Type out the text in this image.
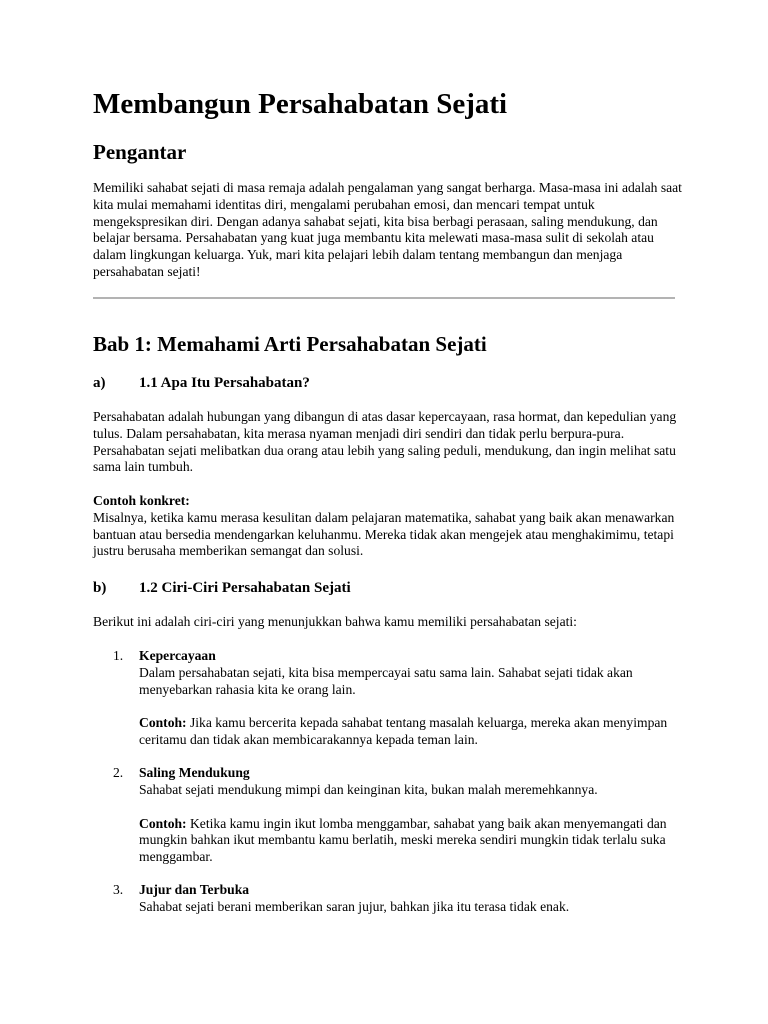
Membangun Persahabatan Sejati
Pengantar

Memiliki sahabat sejati di masa remaja adalah pengalaman yang sangat berharga. Masa-masa ini adalah saat kita mulai memahami identitas diri, mengalami perubahan emosi, dan mencari tempat untuk mengekspresikan diri. Dengan adanya sahabat sejati, kita bisa berbagi perasaan, saling mendukung, dan belajar bersama. Persahabatan yang kuat juga membantu kita melewati masa-masa sulit di sekolah atau dalam lingkungan keluarga. Yuk, mari kita pelajari lebih dalam tentang membangun dan menjaga persahabatan sejati!

Bab 1: Memahami Arti Persahabatan Sejati
a) 1.1 Apa Itu Persahabatan?

Persahabatan adalah hubungan yang dibangun di atas dasar kepercayaan, rasa hormat, dan kepedulian yang tulus. Dalam persahabatan, kita merasa nyaman menjadi diri sendiri dan tidak perlu berpura-pura. Persahabatan sejati melibatkan dua orang atau lebih yang saling peduli, mendukung, dan ingin melihat satu sama lain tumbuh.

Contoh konkret:
Misalnya, ketika kamu merasa kesulitan dalam pelajaran matematika, sahabat yang baik akan menawarkan bantuan atau bersedia mendengarkan keluhanmu. Mereka tidak akan mengejek atau menghakimimu, tetapi justru berusaha memberikan semangat dan solusi.
b) 1.2 Ciri-Ciri Persahabatan Sejati

Berikut ini adalah ciri-ciri yang menunjukkan bahwa kamu memiliki persahabatan sejati:

1. Kepercayaan
Dalam persahabatan sejati, kita bisa mempercayai satu sama lain. Sahabat sejati tidak akan menyebarkan rahasia kita ke orang lain.
Contoh: Jika kamu bercerita kepada sahabat tentang masalah keluarga, mereka akan menyimpan ceritamu dan tidak akan membicarakannya kepada teman lain.
2. Saling Mendukung
Sahabat sejati mendukung mimpi dan keinginan kita, bukan malah meremehkannya.
Contoh: Ketika kamu ingin ikut lomba menggambar, sahabat yang baik akan menyemangati dan mungkin bahkan ikut membantu kamu berlatih, meski mereka sendiri mungkin tidak terlalu suka menggambar.
3. Jujur dan Terbuka
Sahabat sejati berani memberikan saran jujur, bahkan jika itu terasa tidak enak.
